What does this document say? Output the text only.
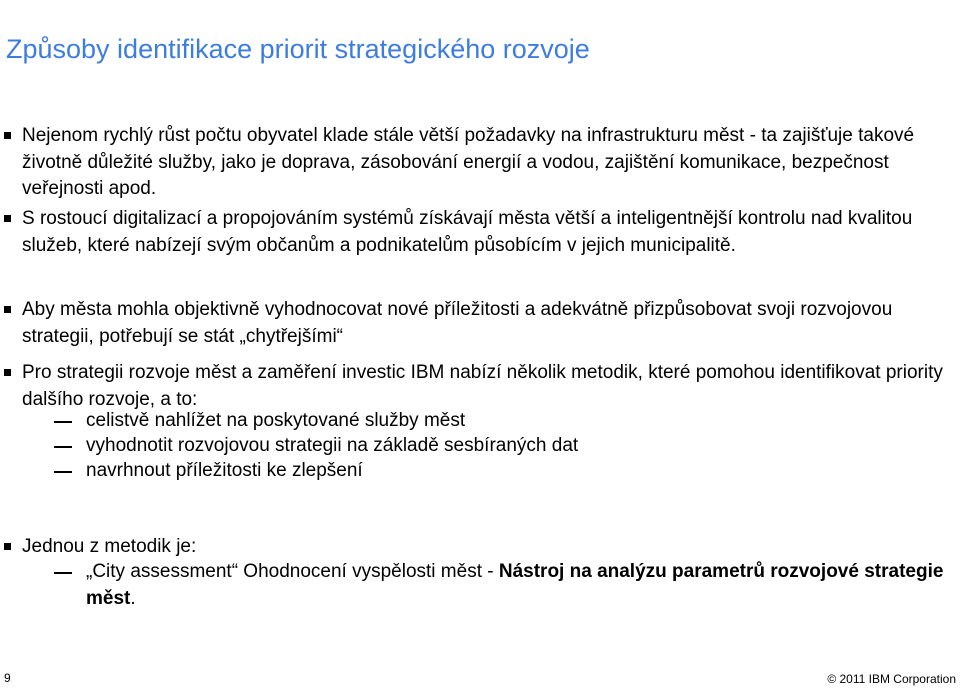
Způsoby identifikace priorit strategického rozvoje
Nejenom rychlý růst počtu obyvatel klade stále větší požadavky na infrastrukturu měst - ta zajišťuje takové životně důležité služby, jako je doprava, zásobování energií a vodou, zajištění komunikace, bezpečnost veřejnosti apod.
S rostoucí digitalizací a propojováním systémů získávají města větší a inteligentnější kontrolu nad kvalitou služeb, které nabízejí svým občanům a podnikatelům působícím v jejich municipalitě.
Aby města mohla objektivně vyhodnocovat nové příležitosti a adekvátně přizpůsobovat svoji rozvojovou strategii, potřebují se stát „chytřejšími“
Pro strategii rozvoje měst a zaměření investic IBM nabízí několik metodik, které pomohou identifikovat priority dalšího rozvoje, a to:
celistvě nahlížet na poskytované služby měst
vyhodnotit rozvojovou strategii na základě sesbíraných dat
navrhnout příležitosti ke zlepšení
Jednou z metodik je:
„City assessment“ Ohodnocení vyspělosti měst - Nástroj na analýzu parametrů rozvojové strategie měst.
9	© 2011 IBM Corporation
